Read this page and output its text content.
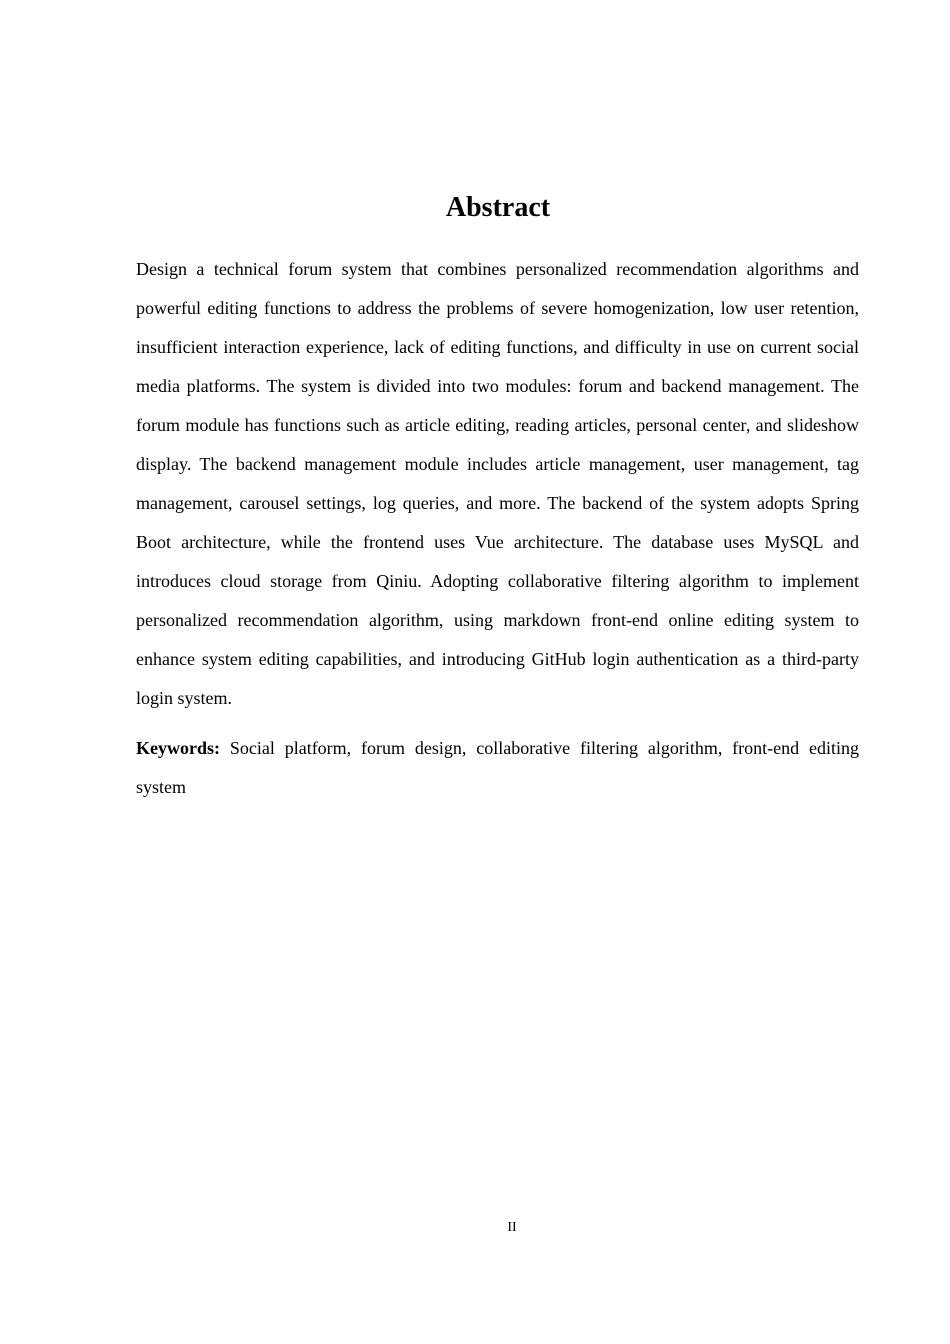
Abstract

Design a technical forum system that combines personalized recommendation algorithms and powerful editing functions to address the problems of severe homogenization, low user retention, insufficient interaction experience, lack of editing functions, and difficulty in use on current social media platforms. The system is divided into two modules: forum and backend management. The forum module has functions such as article editing, reading articles, personal center, and slideshow display. The backend management module includes article management, user management, tag management, carousel settings, log queries, and more. The backend of the system adopts Spring Boot architecture, while the frontend uses Vue architecture. The database uses MySQL and introduces cloud storage from Qiniu. Adopting collaborative filtering algorithm to implement personalized recommendation algorithm, using markdown front-end online editing system to enhance system editing capabilities, and introducing GitHub login authentication as a third-party login system.

Keywords: Social platform, forum design, collaborative filtering algorithm, front-end editing system

II
